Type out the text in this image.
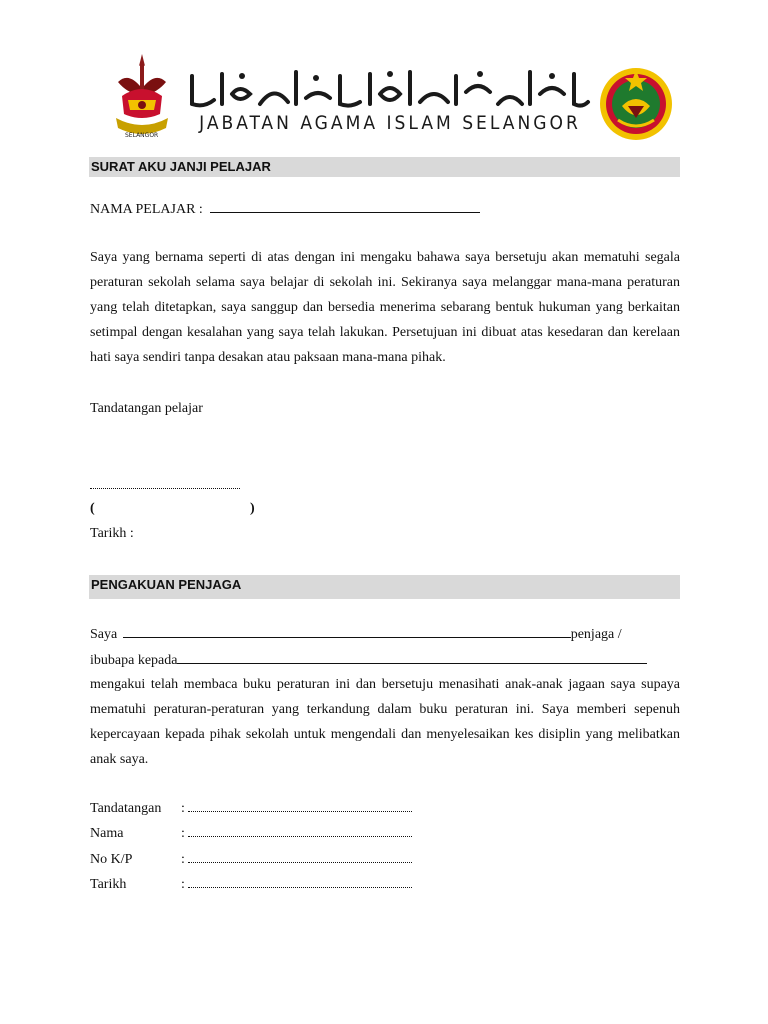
SELANGOR
JABATAN AGAMA ISLAM SELANGOR
SURAT AKU JANJI PELAJAR
NAMA PELAJAR :
Saya yang bernama seperti di atas dengan ini mengaku bahawa saya bersetuju akan mematuhi segala peraturan sekolah selama saya belajar di sekolah ini. Sekiranya saya melanggar mana-mana peraturan yang telah ditetapkan, saya sanggup dan bersedia menerima sebarang bentuk hukuman yang berkaitan setimpal dengan kesalahan yang saya telah lakukan. Persetujuan ini dibuat atas kesedaran dan kerelaan hati saya sendiri tanpa desakan atau paksaan mana-mana pihak.
Tandatangan pelajar
(	)
Tarikh :
PENGAKUAN PENJAGA
Saya	penjaga /
ibubapa kepada
mengakui telah membaca buku peraturan ini dan bersetuju menasihati anak-anak jagaan saya supaya mematuhi peraturan-peraturan yang terkandung dalam buku peraturan ini. Saya memberi sepenuh kepercayaan kepada pihak sekolah untuk mengendali dan menyelesaikan kes disiplin yang melibatkan anak saya.
Tandatangan :
Nama	:
No K/P	:
Tarikh	:
